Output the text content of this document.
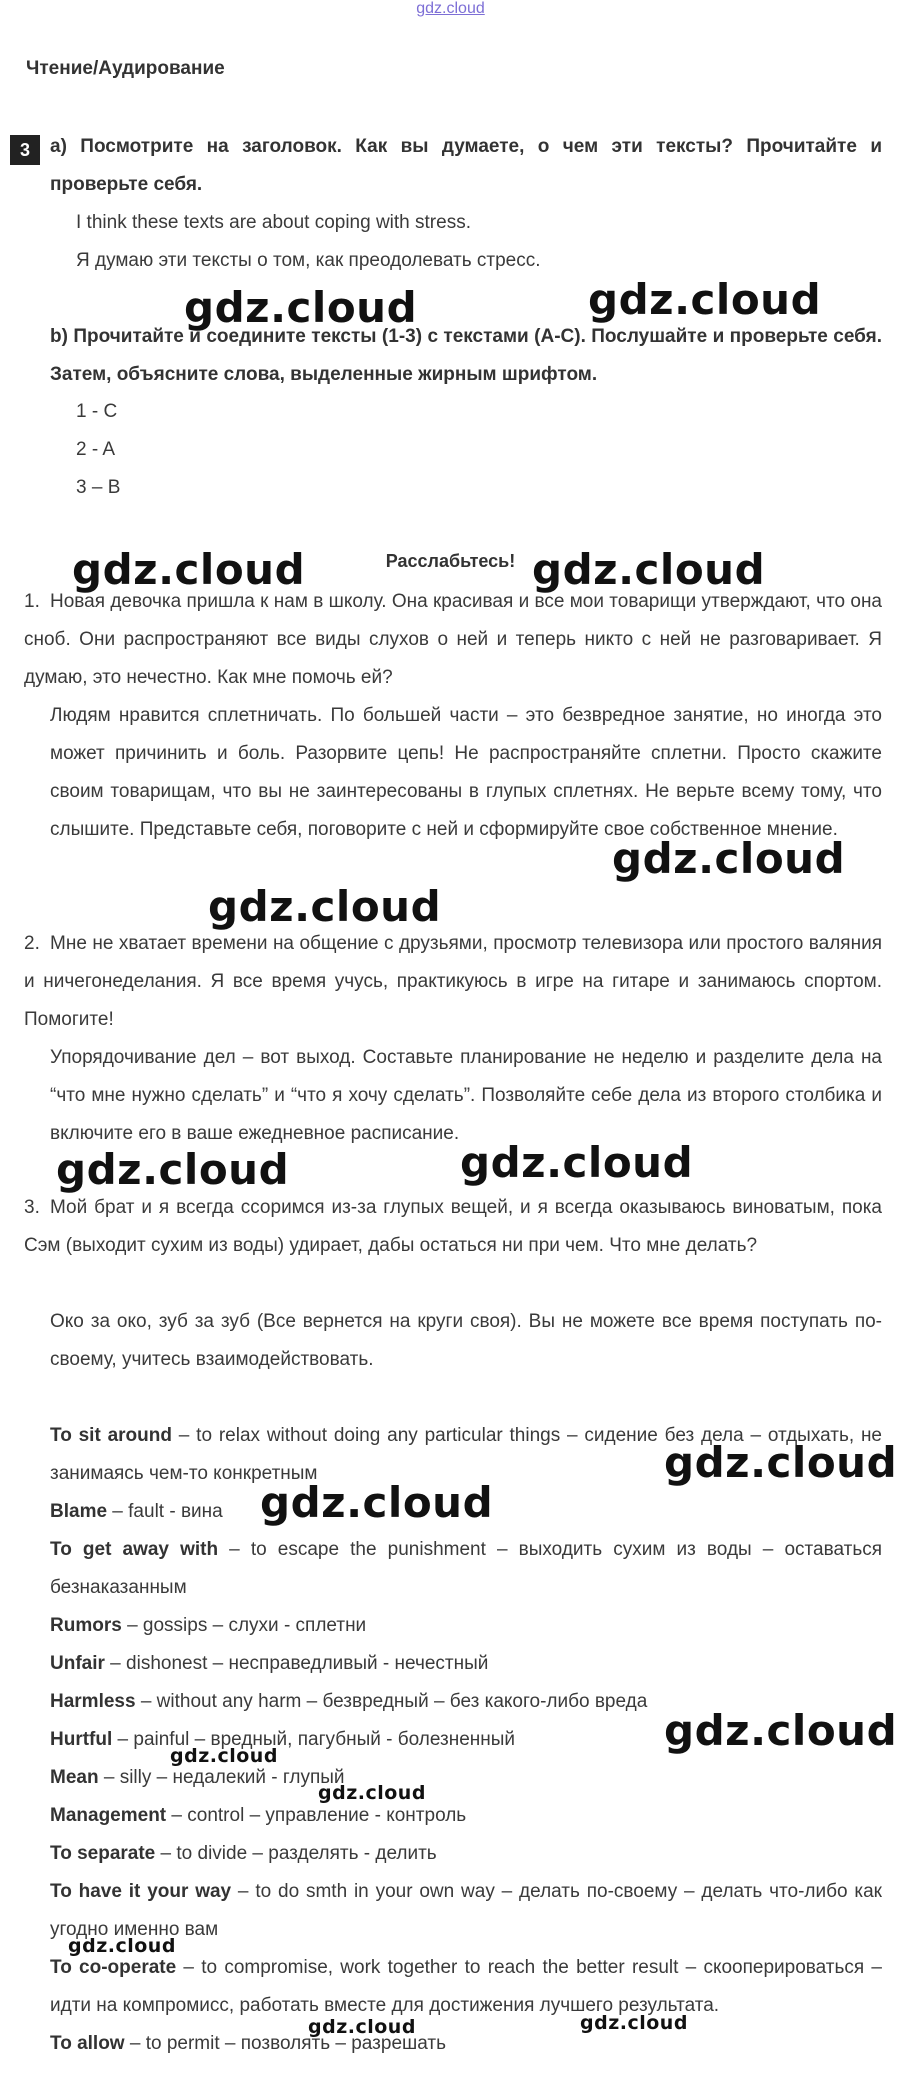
gdz.cloud
Чтение/Аудирование
3	a) Посмотрите на заголовок. Как вы думаете, о чем эти тексты? Прочитайте и проверьте себя.
I think these texts are about coping with stress.
Я думаю эти тексты о том, как преодолевать стресс.
b) Прочитайте и соедините тексты (1-3) с текстами (A-C). Послушайте и проверьте себя. Затем, объясните слова, выделенные жирным шрифтом.
1 - C
2 - A
3 – B
Расслабьтесь!
1. Новая девочка пришла к нам в школу. Она красивая и все мои товарищи утверждают, что она сноб. Они распространяют все виды слухов о ней и теперь никто с ней не разговаривает. Я думаю, это нечестно. Как мне помочь ей?
Людям нравится сплетничать. По большей части – это безвредное занятие, но иногда это может причинить и боль. Разорвите цепь! Не распространяйте сплетни. Просто скажите своим товарищам, что вы не заинтересованы в глупых сплетнях. Не верьте всему тому, что слышите. Представьте себя, поговорите с ней и сформируйте свое собственное мнение.
2. Мне не хватает времени на общение с друзьями, просмотр телевизора или простого валяния и ничегонеделания. Я все время учусь, практикуюсь в игре на гитаре и занимаюсь спортом. Помогите!
Упорядочивание дел – вот выход. Составьте планирование не неделю и разделите дела на “что мне нужно сделать” и “что я хочу сделать”. Позволяйте себе дела из второго столбика и включите его в ваше ежедневное расписание.
3. Мой брат и я всегда ссоримся из-за глупых вещей, и я всегда оказываюсь виноватым, пока Сэм (выходит сухим из воды) удирает, дабы остаться ни при чем. Что мне делать?
Око за око, зуб за зуб (Все вернется на круги своя). Вы не можете все время поступать по-своему, учитесь взаимодействовать.
To sit around – to relax without doing any particular things – сидение без дела – отдыхать, не занимаясь чем-то конкретным
Blame – fault - вина
To get away with – to escape the punishment – выходить сухим из воды – оставаться безнаказанным
Rumors – gossips – слухи - сплетни
Unfair – dishonest – несправедливый - нечестный
Harmless – without any harm – безвредный – без какого-либо вреда
Hurtful – painful – вредный, пагубный - болезненный
Mean – silly – недалекий - глупый
Management – control – управление - контроль
To separate – to divide – разделять - делить
To have it your way – to do smth in your own way – делать по-своему – делать что-либо как угодно именно вам
To co-operate – to compromise, work together to reach the better result – скооперироваться – идти на компромисс, работать вместе для достижения лучшего результата.
To allow – to permit – позволять – разрешать
gdz.cloud	gdz.cloud
gdz.cloud	gdz.cloud
gdz.cloud
gdz.cloud
gdz.cloud	gdz.cloud
gdz.cloud
gdz.cloud
gdz.cloud
gdz.cloud
gdz.cloud
gdz.cloud
gdz.cloud
gdz.cloud
